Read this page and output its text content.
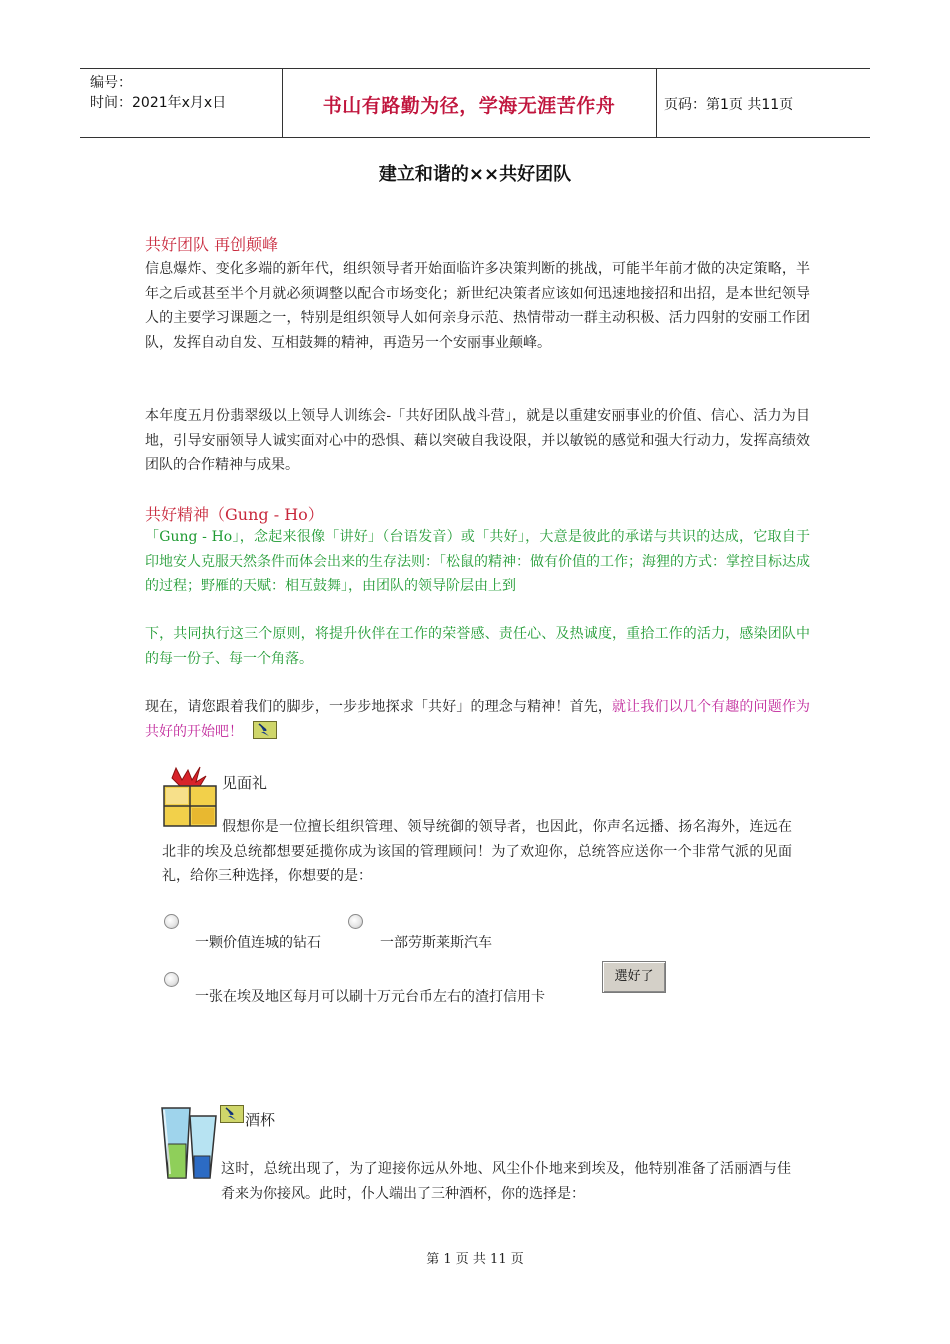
编号：
时间：2021年x月x日	书山有路勤为径，学海无涯苦作舟	页码：第1页 共11页
建立和谐的××共好团队
共好团队 再创颠峰
信息爆炸、变化多端的新年代，组织领导者开始面临许多决策判断的挑战，可能半年前才做的决定策略，半年之后或甚至半个月就必须调整以配合市场变化；新世纪决策者应该如何迅速地接招和出招，是本世纪领导人的主要学习课题之一，特别是组织领导人如何亲身示范、热情带动一群主动积极、活力四射的安丽工作团队，发挥自动自发、互相鼓舞的精神，再造另一个安丽事业颠峰。
本年度五月份翡翠级以上领导人训练会-「共好团队战斗营」，就是以重建安丽事业的价值、信心、活力为目地，引导安丽领导人诚实面对心中的恐惧、藉以突破自我设限，并以敏锐的感觉和强大行动力，发挥高绩效团队的合作精神与成果。
共好精神（Gung - Ho）
「Gung - Ho」，念起来很像「讲好」（台语发音）或「共好」，大意是彼此的承诺与共识的达成，它取自于印地安人克服天然条件而体会出来的生存法则：「松鼠的精神：做有价值的工作；海狸的方式：掌控目标达成的过程；野雁的天赋：相互鼓舞」，由团队的领导阶层由上到
下，共同执行这三个原则，将提升伙伴在工作的荣誉感、责任心、及热诚度，重拾工作的活力，感染团队中的每一份子、每一个角落。
现在，请您跟着我们的脚步，一步步地探求「共好」的理念与精神！首先，就让我们以几个有趣的问题作为共好的开始吧！
见面礼
假想你是一位擅长组织管理、领导统御的领导者，也因此，你声名远播、扬名海外，连远在北非的埃及总统都想要延揽你成为该国的管理顾问！为了欢迎你，总统答应送你一个非常气派的见面礼，给你三种选择，你想要的是：
一颗价值连城的钻石	一部劳斯莱斯汽车
一张在埃及地区每月可以刷十万元台币左右的渣打信用卡
選好了
酒杯
这时，总统出现了，为了迎接你远从外地、风尘仆仆地来到埃及，他特别准备了活丽酒与佳肴来为你接风。此时，仆人端出了三种酒杯，你的选择是：
第 1 页 共 11 页
